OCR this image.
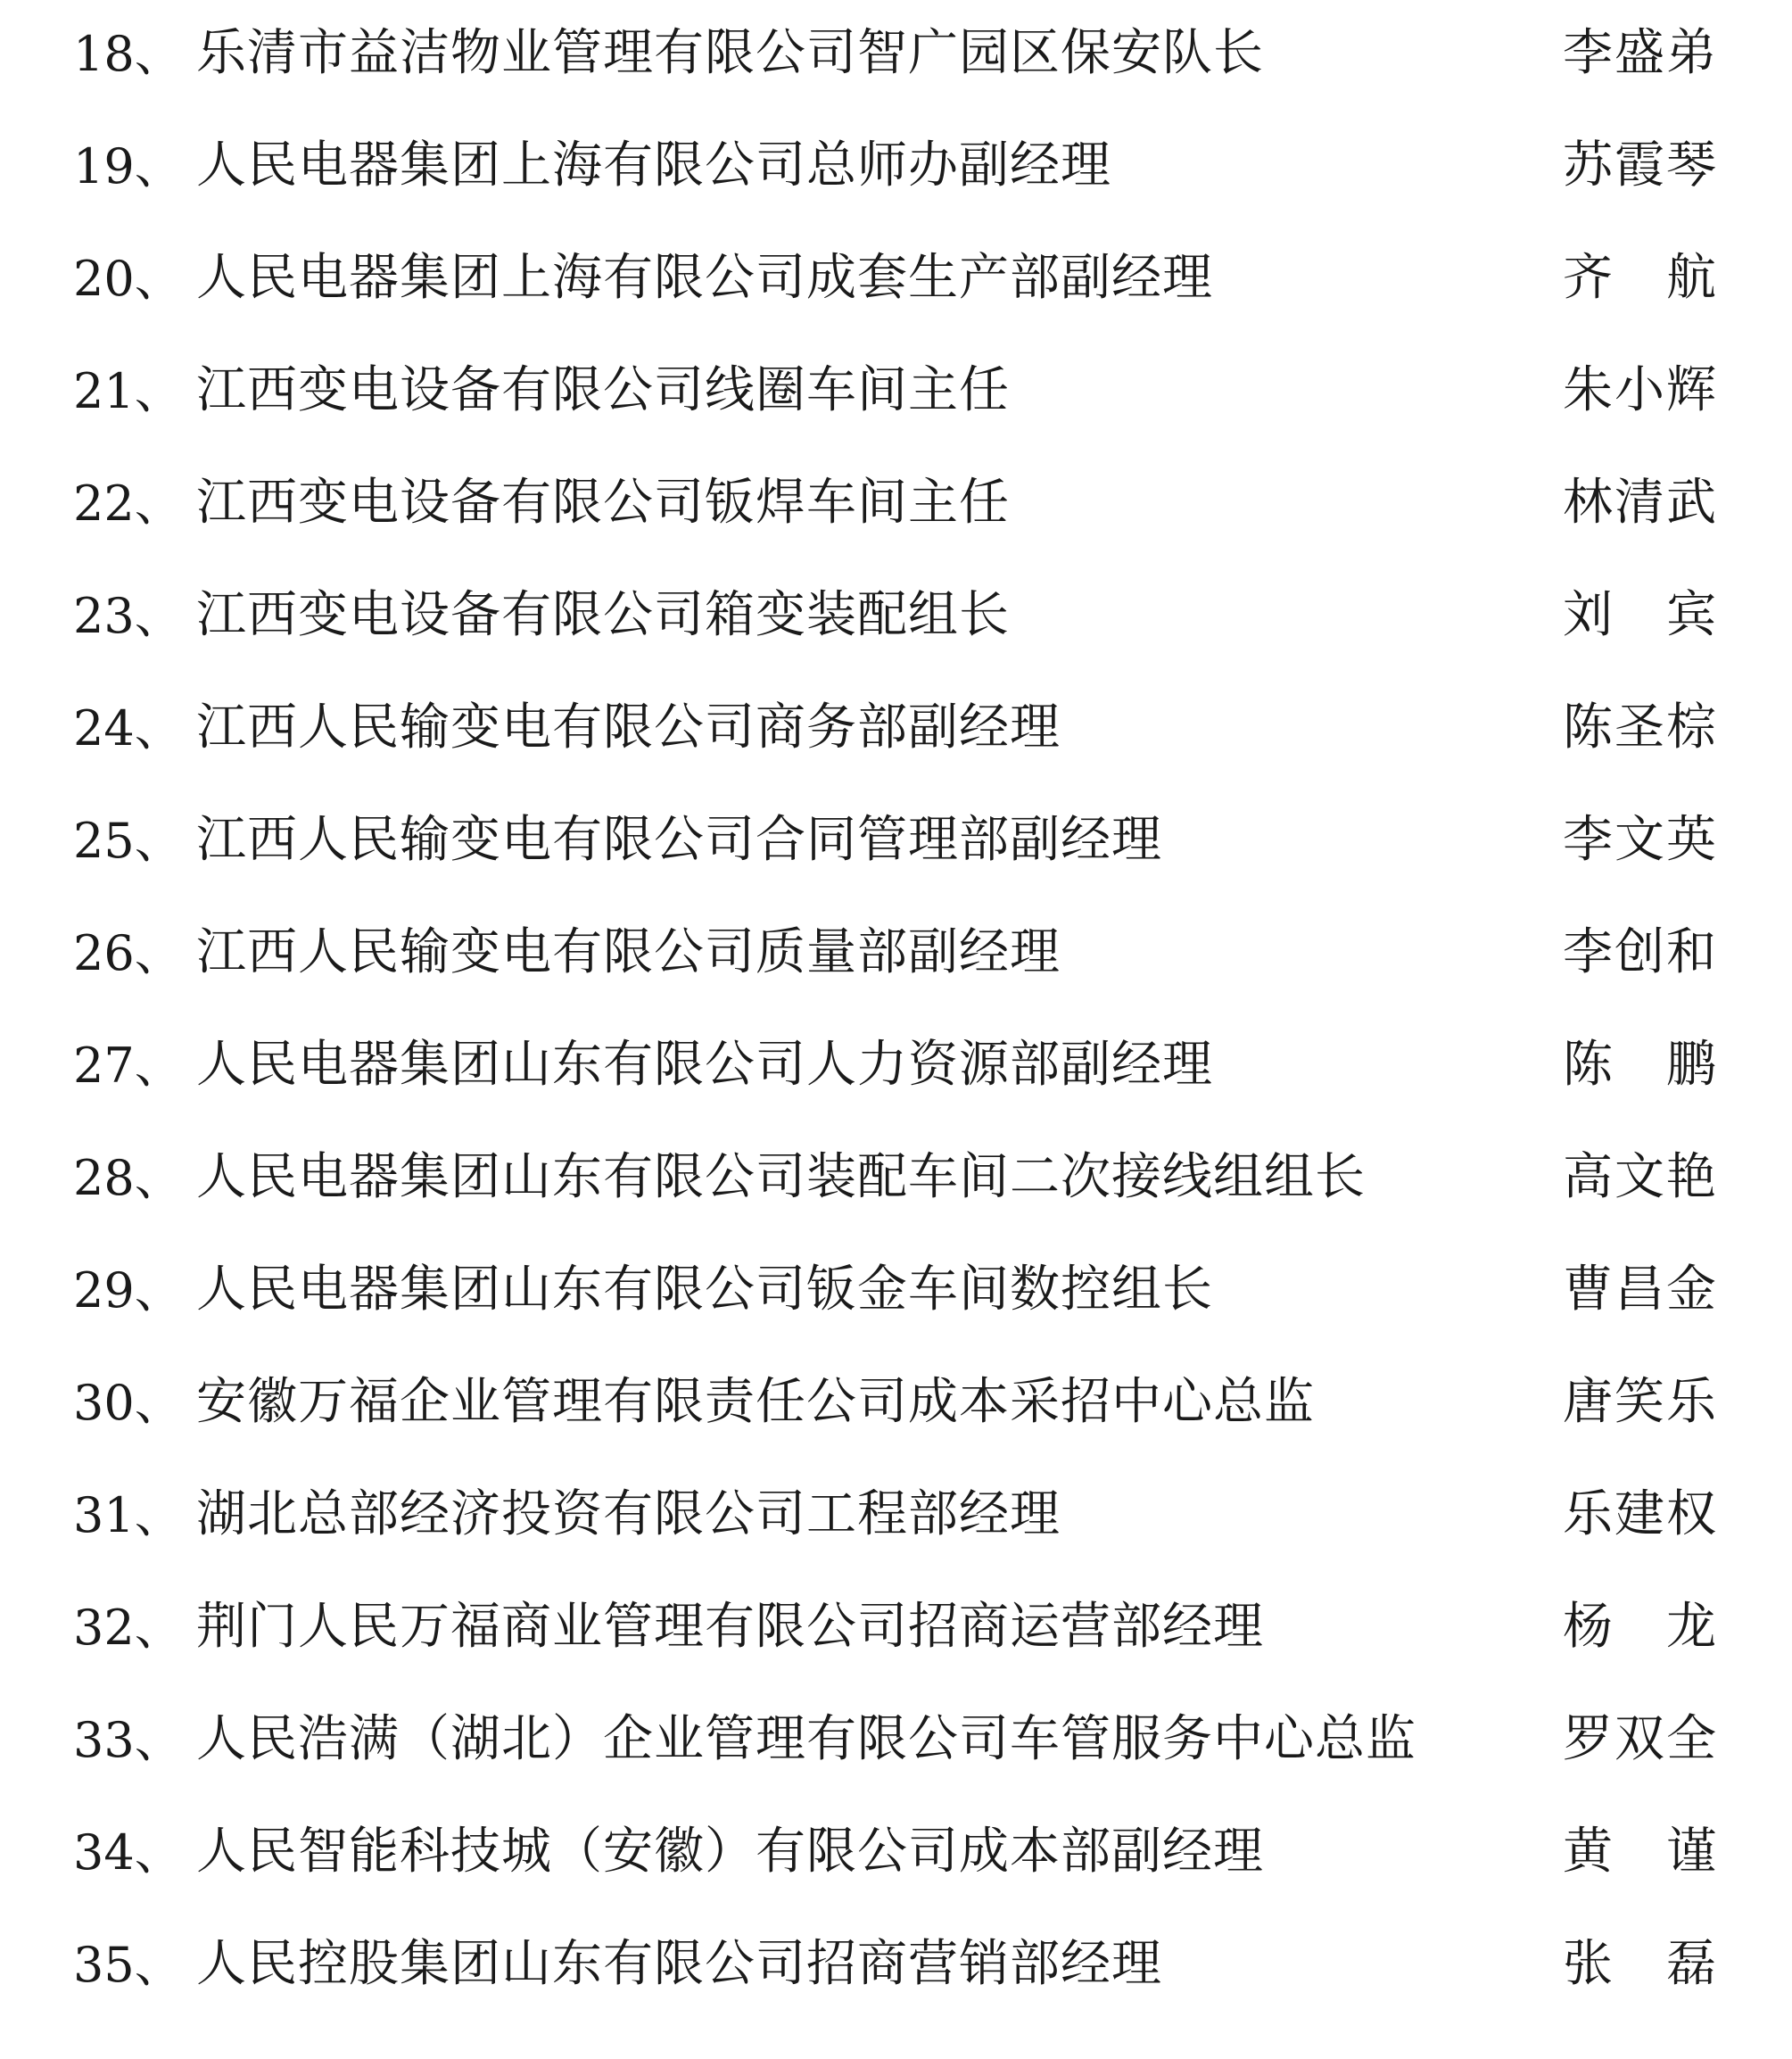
18、 乐清市益洁物业管理有限公司智广园区保安队长	李盛弟
19、 人民电器集团上海有限公司总师办副经理	苏霞琴
20、 人民电器集团上海有限公司成套生产部副经理	齐 航
21、 江西变电设备有限公司线圈车间主任	朱小辉
22、 江西变电设备有限公司钣焊车间主任	林清武
23、 江西变电设备有限公司箱变装配组长	刘 宾
24、 江西人民输变电有限公司商务部副经理	陈圣棕
25、 江西人民输变电有限公司合同管理部副经理	李文英
26、 江西人民输变电有限公司质量部副经理	李创和
27、 人民电器集团山东有限公司人力资源部副经理	陈 鹏
28、 人民电器集团山东有限公司装配车间二次接线组组长	高文艳
29、 人民电器集团山东有限公司钣金车间数控组长	曹昌金
30、 安徽万福企业管理有限责任公司成本采招中心总监	唐笑乐
31、 湖北总部经济投资有限公司工程部经理	乐建权
32、 荆门人民万福商业管理有限公司招商运营部经理	杨 龙
33、 人民浩满（湖北）企业管理有限公司车管服务中心总监	罗双全
34、 人民智能科技城（安徽）有限公司成本部副经理	黄 谨
35、 人民控股集团山东有限公司招商营销部经理	张 磊
